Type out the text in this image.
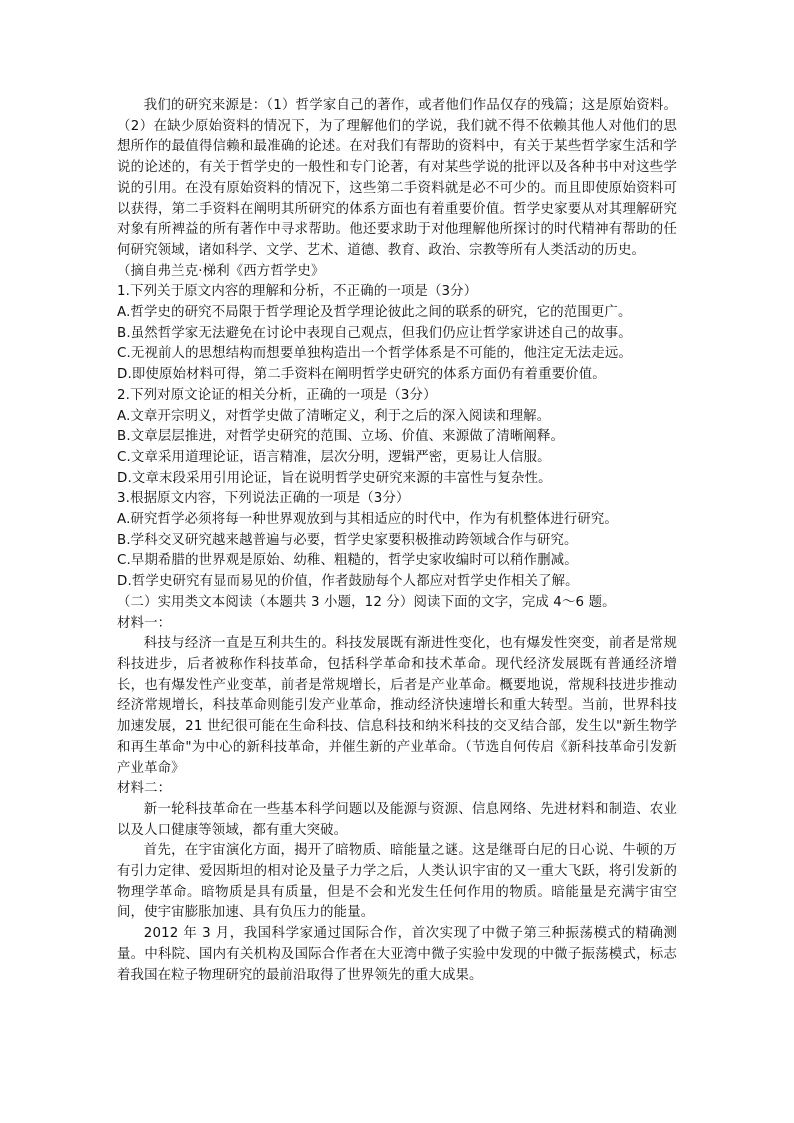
我们的研究来源是：（1）哲学家自己的著作，或者他们作品仅存的残篇；这是原始资料。（2）在缺少原始资料的情况下，为了理解他们的学说，我们就不得不依赖其他人对他们的思想所作的最值得信赖和最准确的论述。在对我们有帮助的资料中，有关于某些哲学家生活和学说的论述的，有关于哲学史的一般性和专门论著，有对某些学说的批评以及各种书中对这些学说的引用。在没有原始资料的情况下，这些第二手资料就是必不可少的。而且即使原始资料可以获得，第二手资料在阐明其所研究的体系方面也有着重要价值。哲学史家要从对其理解研究对象有所裨益的所有著作中寻求帮助。他还要求助于对他理解他所探讨的时代精神有帮助的任何研究领域，诸如科学、文学、艺术、道德、教育、政治、宗教等所有人类活动的历史。

（摘自弗兰克·梯利《西方哲学史》

1.下列关于原文内容的理解和分析，不正确的一项是（3分）

A.哲学史的研究不局限于哲学理论及哲学理论彼此之间的联系的研究，它的范围更广。

B.虽然哲学家无法避免在讨论中表现自己观点，但我们仍应让哲学家讲述自己的故事。

C.无视前人的思想结构而想要单独构造出一个哲学体系是不可能的，他注定无法走远。

D.即使原始材料可得，第二手资料在阐明哲学史研究的体系方面仍有着重要价值。

2.下列对原文论证的相关分析，正确的一项是（3分）

A.文章开宗明义，对哲学史做了清晰定义，利于之后的深入阅读和理解。

B.文章层层推进，对哲学史研究的范围、立场、价值、来源做了清晰阐释。

C.文章采用道理论证，语言精准，层次分明，逻辑严密，更易让人信服。

D.文章末段采用引用论证，旨在说明哲学史研究来源的丰富性与复杂性。

3.根据原文内容，下列说法正确的一项是（3分）

A.研究哲学必须将每一种世界观放到与其相适应的时代中，作为有机整体进行研究。

B.学科交叉研究越来越普遍与必要，哲学史家要积极推动跨领域合作与研究。

C.早期希腊的世界观是原始、幼稚、粗糙的，哲学史家收编时可以稍作删减。

D.哲学史研究有显而易见的价值，作者鼓励每个人都应对哲学史作相关了解。

（二）实用类文本阅读（本题共 3 小题，12 分）阅读下面的文字，完成 4～6 题。

材料一：

科技与经济一直是互利共生的。科技发展既有渐进性变化，也有爆发性突变，前者是常规科技进步，后者被称作科技革命，包括科学革命和技术革命。现代经济发展既有普通经济增长，也有爆发性产业变革，前者是常规增长，后者是产业革命。概要地说，常规科技进步推动经济常规增长，科技革命则能引发产业革命，推动经济快速增长和重大转型。当前，世界科技加速发展，21 世纪很可能在生命科技、信息科技和纳米科技的交叉结合部，发生以"新生物学和再生革命"为中心的新科技革命，并催生新的产业革命。（节选自何传启《新科技革命引发新产业革命》

材料二：

新一轮科技革命在一些基本科学问题以及能源与资源、信息网络、先进材料和制造、农业以及人口健康等领域，都有重大突破。

首先，在宇宙演化方面，揭开了暗物质、暗能量之谜。这是继哥白尼的日心说、牛顿的万有引力定律、爱因斯坦的相对论及量子力学之后，人类认识宇宙的又一重大飞跃，将引发新的物理学革命。暗物质是具有质量，但是不会和光发生任何作用的物质。暗能量是充满宇宙空间，使宇宙膨胀加速、具有负压力的能量。

2012 年 3 月，我国科学家通过国际合作，首次实现了中微子第三种振荡模式的精确测量。中科院、国内有关机构及国际合作者在大亚湾中微子实验中发现的中微子振荡模式，标志着我国在粒子物理研究的最前沿取得了世界领先的重大成果。
